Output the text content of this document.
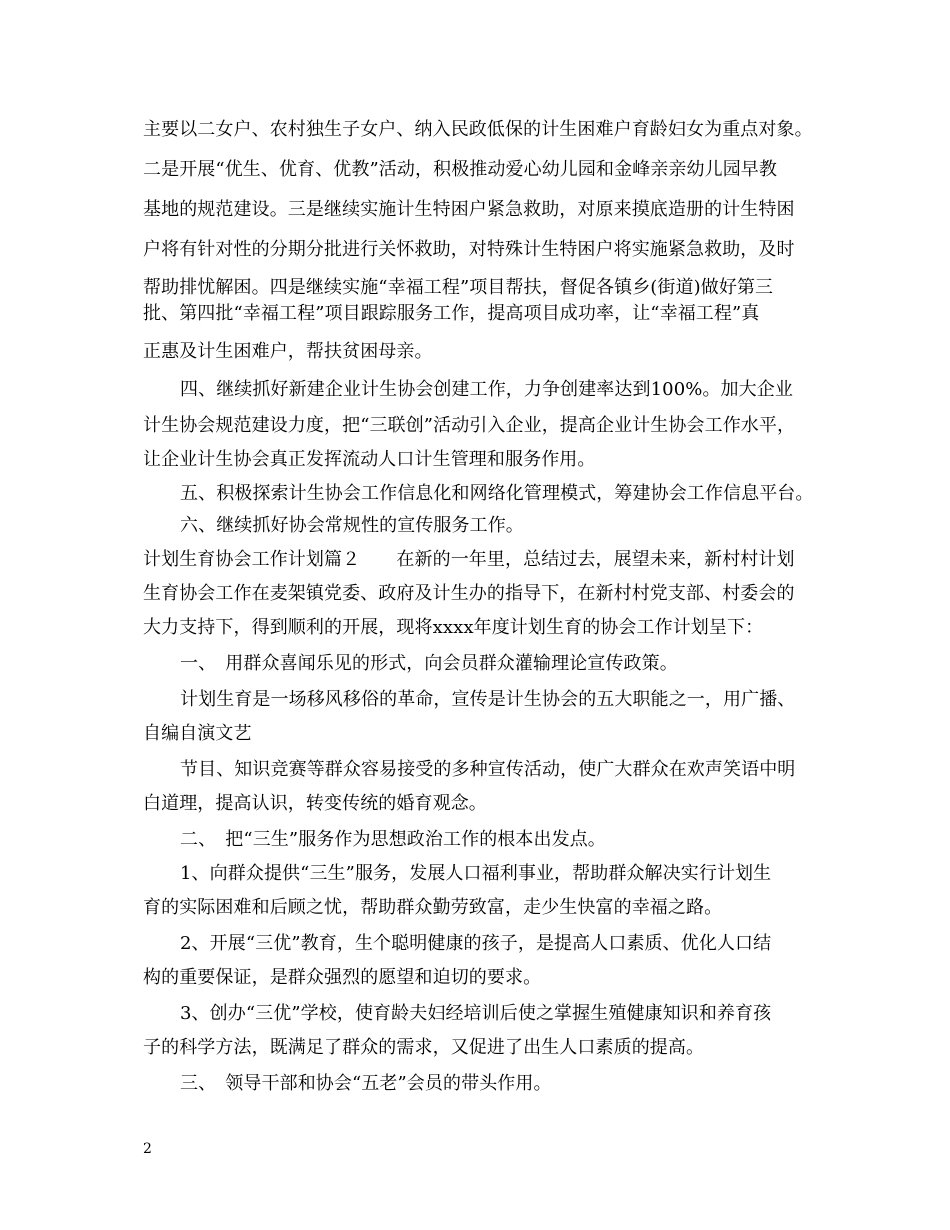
主要以二女户、农村独生子女户、纳入民政低保的计生困难户育龄妇女为重点对象。
二是开展“优生、优育、优教”活动，积极推动爱心幼儿园和金峰亲亲幼儿园早教
基地的规范建设。三是继续实施计生特困户紧急救助，对原来摸底造册的计生特困
户将有针对性的分期分批进行关怀救助，对特殊计生特困户将实施紧急救助，及时
帮助排忧解困。四是继续实施“幸福工程”项目帮扶，督促各镇乡(街道)做好第三
批、第四批“幸福工程”项目跟踪服务工作，提高项目成功率，让“幸福工程”真
正惠及计生困难户，帮扶贫困母亲。
四、继续抓好新建企业计生协会创建工作，力争创建率达到100%。加大企业
计生协会规范建设力度，把“三联创”活动引入企业，提高企业计生协会工作水平，
让企业计生协会真正发挥流动人口计生管理和服务作用。
五、积极探索计生协会工作信息化和网络化管理模式，筹建协会工作信息平台。
六、继续抓好协会常规性的宣传服务工作。
计划生育协会工作计划篇２　　在新的一年里，总结过去，展望未来，新村村计划
生育协会工作在麦架镇党委、政府及计生办的指导下，在新村村党支部、村委会的
大力支持下，得到顺利的开展，现将xxxx年度计划生育的协会工作计划呈下：
一、　用群众喜闻乐见的形式，向会员群众灌输理论宣传政策。
计划生育是一场移风移俗的革命，宣传是计生协会的五大职能之一，用广播、
自编自演文艺
节目、知识竞赛等群众容易接受的多种宣传活动，使广大群众在欢声笑语中明
白道理，提高认识，转变传统的婚育观念。
二、　把“三生”服务作为思想政治工作的根本出发点。
1、向群众提供“三生”服务，发展人口福利事业，帮助群众解决实行计划生
育的实际困难和后顾之忧，帮助群众勤劳致富，走少生快富的幸福之路。
2、开展“三优”教育，生个聪明健康的孩子，是提高人口素质、优化人口结
构的重要保证，是群众强烈的愿望和迫切的要求。
3、创办“三优”学校，使育龄夫妇经培训后使之掌握生殖健康知识和养育孩
子的科学方法，既满足了群众的需求，又促进了出生人口素质的提高。
三、　领导干部和协会“五老”会员的带头作用。
2
